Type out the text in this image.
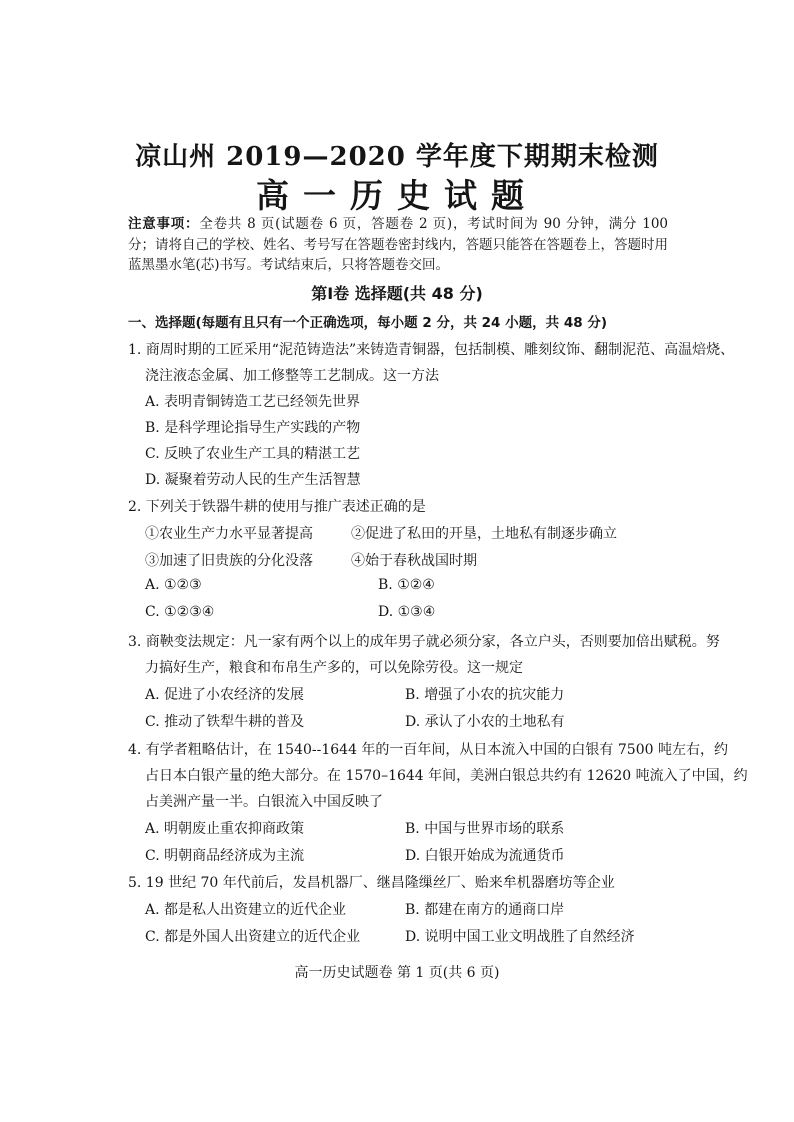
凉山州 2019—2020 学年度下期期末检测
高一历史试题
注意事项：全卷共 8 页(试题卷 6 页，答题卷 2 页)，考试时间为 90 分钟，满分 100 分；请将自己的学校、姓名、考号写在答题卷密封线内，答题只能答在答题卷上，答题时用蓝黑墨水笔(芯)书写。考试结束后，只将答题卷交回。
第Ⅰ卷 选择题(共 48 分)
一、选择题(每题有且只有一个正确选项，每小题 2 分，共 24 小题，共 48 分)
1. 商周时期的工匠采用“泥范铸造法”来铸造青铜器，包括制模、雕刻纹饰、翻制泥范、高温焙烧、
浇注液态金属、加工修整等工艺制成。这一方法
A. 表明青铜铸造工艺已经领先世界
B. 是科学理论指导生产实践的产物
C. 反映了农业生产工具的精湛工艺
D. 凝聚着劳动人民的生产生活智慧
2. 下列关于铁器牛耕的使用与推广表述正确的是
①农业生产力水平显著提高	②促进了私田的开垦，土地私有制逐步确立
③加速了旧贵族的分化没落	④始于春秋战国时期
A. ①②③	B. ①②④
C. ①②③④	D. ①③④
3. 商鞅变法规定：凡一家有两个以上的成年男子就必须分家，各立户头，否则要加倍出赋税。努
力搞好生产，粮食和布帛生产多的，可以免除劳役。这一规定
A. 促进了小农经济的发展	B. 增强了小农的抗灾能力
C. 推动了铁犁牛耕的普及	D. 承认了小农的土地私有
4. 有学者粗略估计，在 1540--1644 年的一百年间，从日本流入中国的白银有 7500 吨左右，约
占日本白银产量的绝大部分。在 1570–1644 年间，美洲白银总共约有 12620 吨流入了中国，约
占美洲产量一半。白银流入中国反映了
A. 明朝废止重农抑商政策	B. 中国与世界市场的联系
C. 明朝商品经济成为主流	D. 白银开始成为流通货币
5. 19 世纪 70 年代前后，发昌机器厂、继昌隆缫丝厂、贻来牟机器磨坊等企业
A. 都是私人出资建立的近代企业	B. 都建在南方的通商口岸
C. 都是外国人出资建立的近代企业	D. 说明中国工业文明战胜了自然经济
高一历史试题卷 第 1 页(共 6 页)
